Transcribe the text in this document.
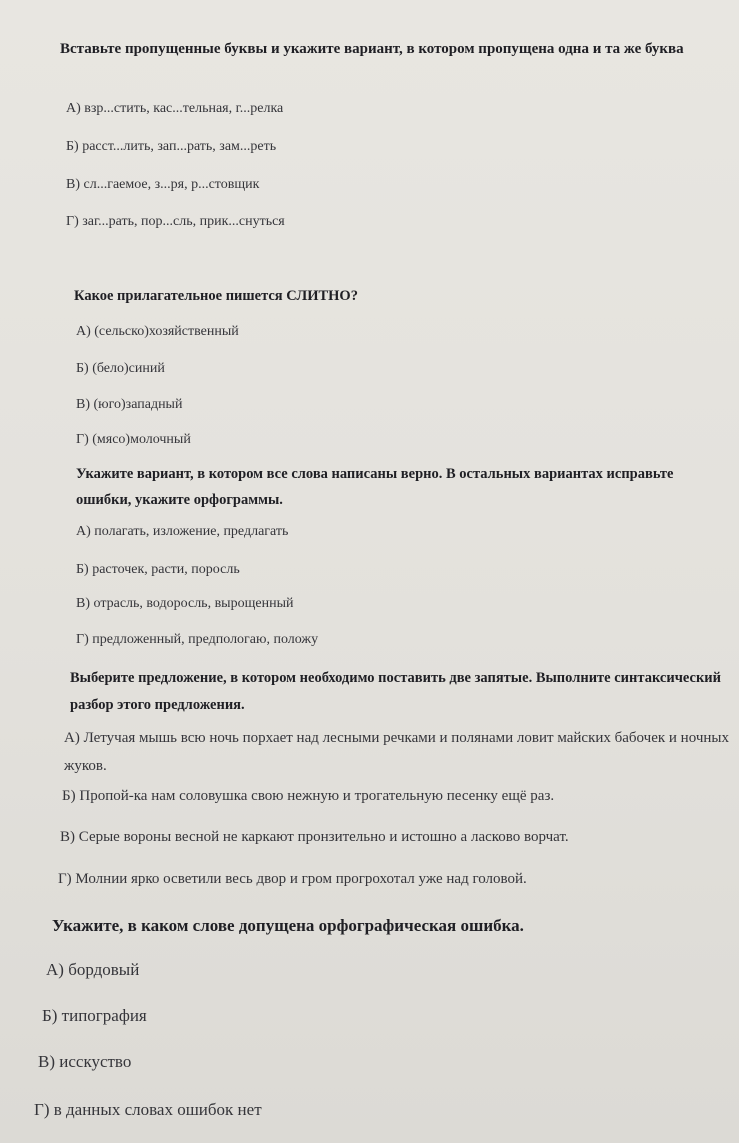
Вставьте пропущенные буквы и укажите вариант, в котором пропущена одна и та же буква
А) взр...стить, кас...тельная, г...релка
Б) расст...лить, зап...рать, зам...реть
В) сл...гаемое, з...ря, р...стовщик
Г) заг...рать, пор...сль, прик...снуться
Какое прилагательное пишется СЛИТНО?
А) (сельско)хозяйственный
Б) (бело)синий
В) (юго)западный
Г) (мясо)молочный
Укажите вариант, в котором все слова написаны верно. В остальных вариантах исправьте ошибки, укажите орфограммы.
А) полагать, изложение, предлагать
Б) расточек, расти, поросль
В) отрасль, водоросль, вырощенный
Г) предложенный, предпологаю, положу
Выберите предложение, в котором необходимо поставить две запятые. Выполните синтаксический разбор этого предложения.
А) Летучая мышь всю ночь порхает над лесными речками и полянами ловит майских бабочек и ночных жуков.
Б) Пропой-ка нам соловушка свою нежную и трогательную песенку ещё раз.
В) Серые вороны весной не каркают пронзительно и истошно а ласково ворчат.
Г) Молнии ярко осветили весь двор и гром прогрохотал уже над головой.
Укажите, в каком слове допущена орфографическая ошибка.
А) бордовый
Б) типография
В) исскуство
Г) в данных словах ошибок нет
